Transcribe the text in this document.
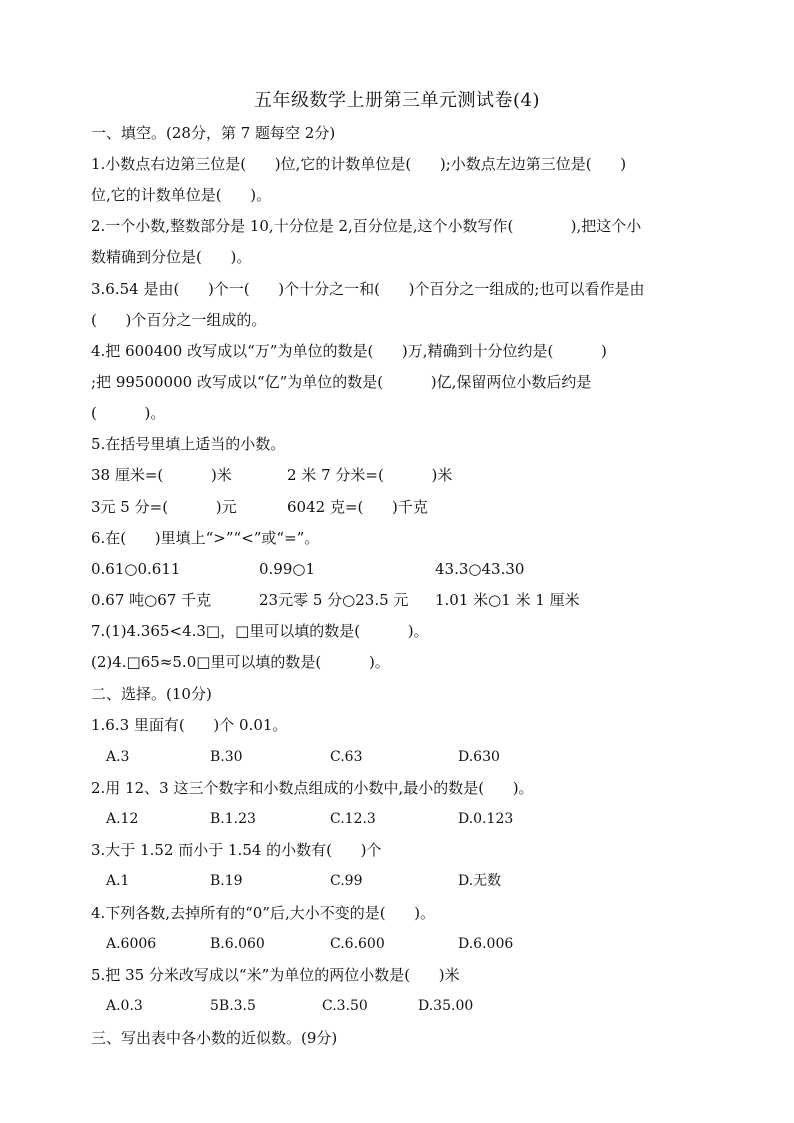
五年级数学上册第三单元测试卷(4)
一、填空。(28分，第 7 题每空 2分)
1.小数点右边第三位是(      )位,它的计数单位是(      );小数点左边第三位是(      )
位,它的计数单位是(      )。
2.一个小数,整数部分是 10,十分位是 2,百分位是,这个小数写作(            ),把这个小
数精确到分位是(      )。
3.6.54 是由(      )个一(      )个十分之一和(      )个百分之一组成的;也可以看作是由
(      )个百分之一组成的。
4.把 600400 改写成以“万”为单位的数是(      )万,精确到十分位约是(          )
;把 99500000 改写成以“亿”为单位的数是(          )亿,保留两位小数后约是
(          )。
5.在括号里填上适当的小数。
38 厘米=(          )米	2 米 7 分米=(          )米
3元 5 分=(          )元	6042 克=(      )千克
6.在(      )里填上“>”“<”或“=”。
0.61○0.611	0.99○1	43.3○43.30
0.67 吨○67 千克	23元零 5 分○23.5 元 1.01 米○1 米 1 厘米
7.(1)4.365<4.3□，□里可以填的数是(          )。
(2)4.□65≈5.0□里可以填的数是(          )。
二、选择。(10分)
1.6.3 里面有(      )个 0.01。
A.3	B.30	C.63	D.630
2.用 12、3 这三个数字和小数点组成的小数中,最小的数是(      )。
A.12	B.1.23	C.12.3	D.0.123
3.大于 1.52 而小于 1.54 的小数有(      )个
A.1	B.19	C.99	D.无数
4.下列各数,去掉所有的“0”后,大小不变的是(      )。
A.6006	B.6.060	C.6.600	D.6.006
5.把 35 分米改写成以“米”为单位的两位小数是(      )米
A.0.3	5B.3.5	C.3.50	D.35.00
三、写出表中各小数的近似数。(9分)
